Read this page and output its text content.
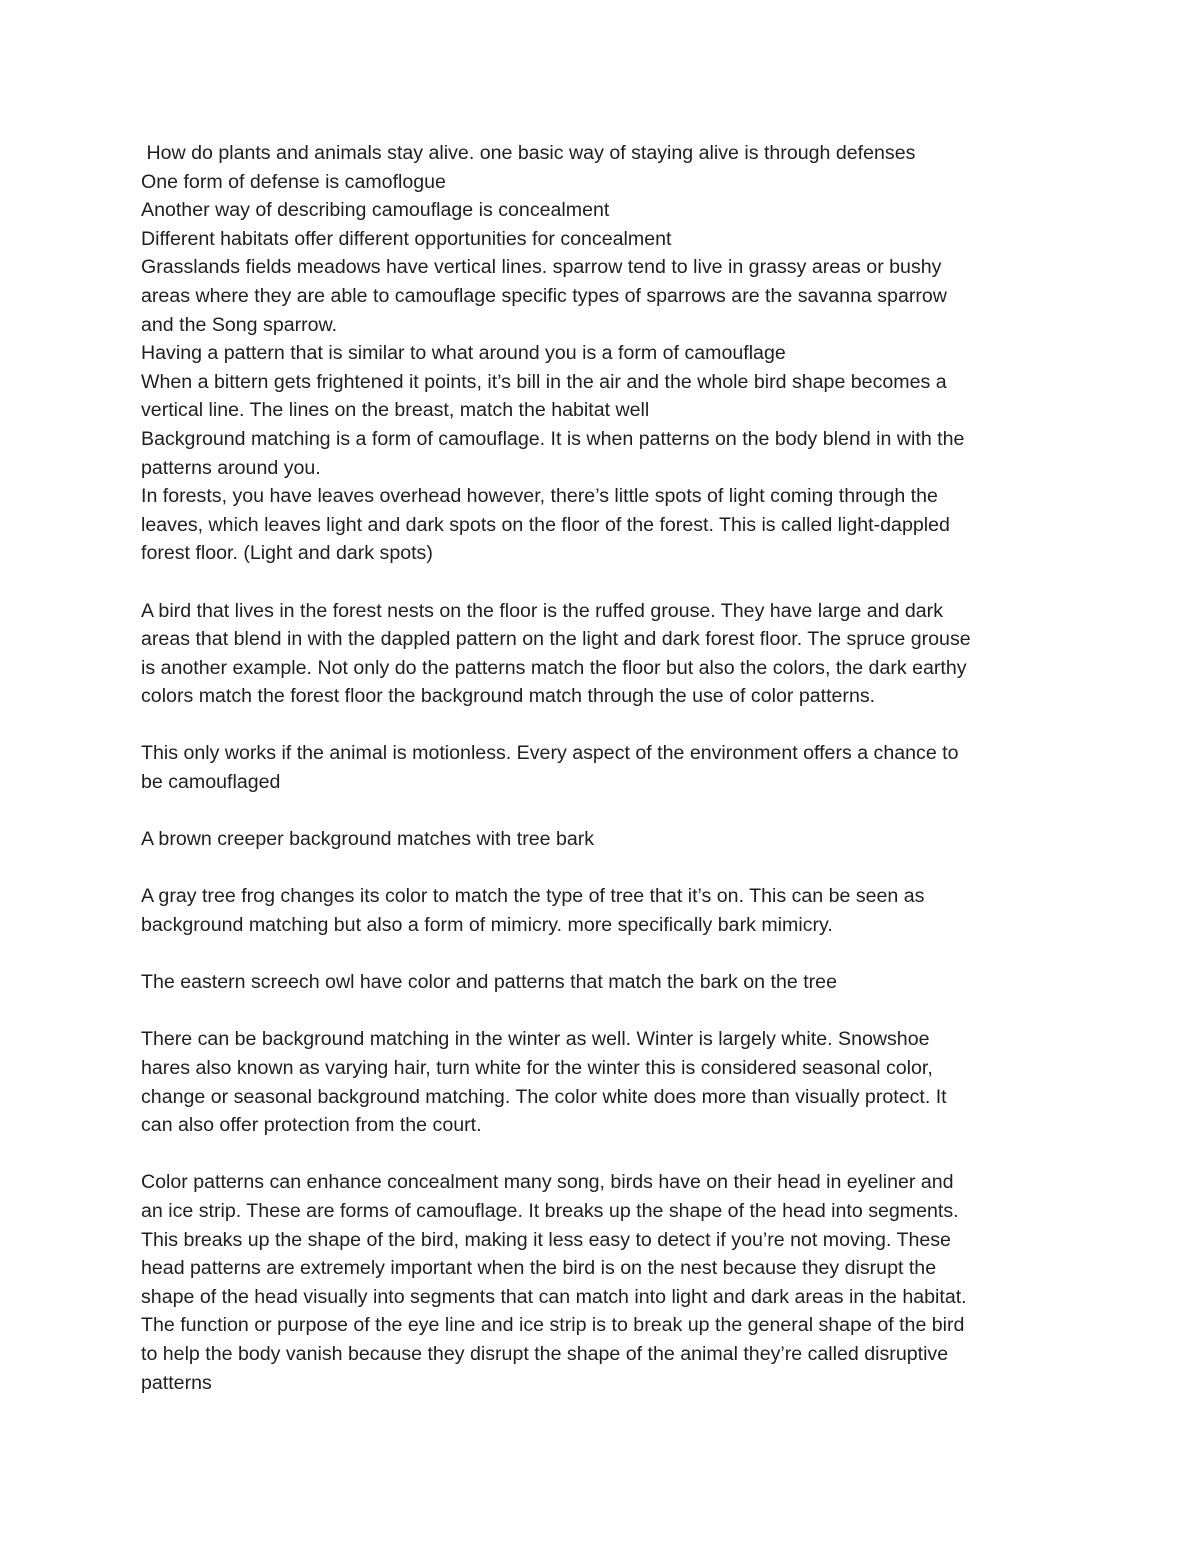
How do plants and animals stay alive. one basic way of staying alive is through defenses
One form of defense is camoflogue
Another way of describing camouflage is concealment
Different habitats offer different opportunities for concealment
Grasslands fields meadows have vertical lines. sparrow tend to live in grassy areas or bushy
areas where they are able to camouflage specific types of sparrows are the savanna sparrow
and the Song sparrow.
Having a pattern that is similar to what around you is a form of camouflage
When a bittern gets frightened it points, it’s bill in the air and the whole bird shape becomes a
vertical line. The lines on the breast, match the habitat well
Background matching is a form of camouflage. It is when patterns on the body blend in with the
patterns around you.
In forests, you have leaves overhead however, there’s little spots of light coming through the
leaves, which leaves light and dark spots on the floor of the forest. This is called light-dappled
forest floor. (Light and dark spots)
A bird that lives in the forest nests on the floor is the ruffed grouse. They have large and dark
areas that blend in with the dappled pattern on the light and dark forest floor. The spruce grouse
is another example. Not only do the patterns match the floor but also the colors, the dark earthy
colors match the forest floor the background match through the use of color patterns.
This only works if the animal is motionless. Every aspect of the environment offers a chance to
be camouflaged
A brown creeper background matches with tree bark
A gray tree frog changes its color to match the type of tree that it’s on. This can be seen as
background matching but also a form of mimicry. more specifically bark mimicry.
The eastern screech owl have color and patterns that match the bark on the tree
There can be background matching in the winter as well. Winter is largely white. Snowshoe
hares also known as varying hair, turn white for the winter this is considered seasonal color,
change or seasonal background matching. The color white does more than visually protect. It
can also offer protection from the court.
Color patterns can enhance concealment many song, birds have on their head in eyeliner and
an ice strip. These are forms of camouflage. It breaks up the shape of the head into segments.
This breaks up the shape of the bird, making it less easy to detect if you’re not moving. These
head patterns are extremely important when the bird is on the nest because they disrupt the
shape of the head visually into segments that can match into light and dark areas in the habitat.
The function or purpose of the eye line and ice strip is to break up the general shape of the bird
to help the body vanish because they disrupt the shape of the animal they’re called disruptive
patterns
